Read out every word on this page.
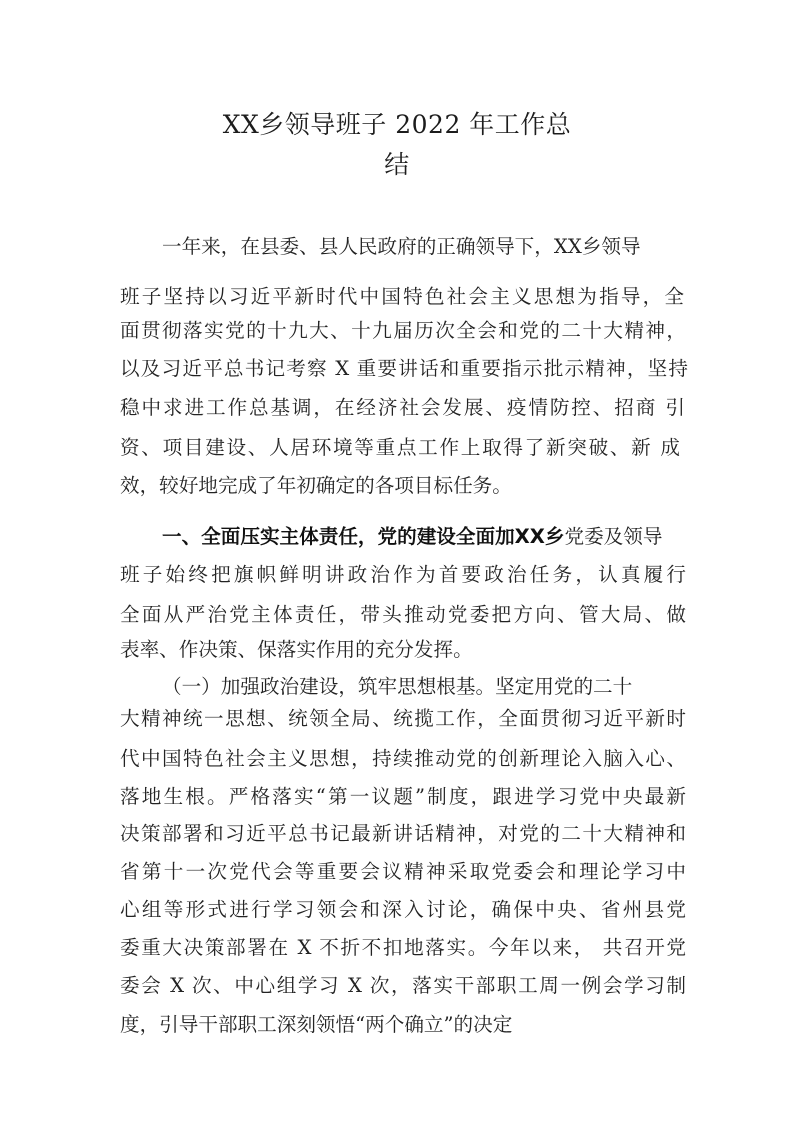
XX乡领导班子 2022 年工作总
结
一年来，在县委、县人民政府的正确领导下，XX乡领导
班子坚持以习近平新时代中国特色社会主义思想为指导，全
面贯彻落实党的十九大、十九届历次全会和党的二十大精神，
以及习近平总书记考察 X 重要讲话和重要指示批示精神，坚持
稳中求进工作总基调，在经济社会发展、疫情防控、招商 引
资、项目建设、人居环境等重点工作上取得了新突破、新 成
效，较好地完成了年初确定的各项目标任务。
一、全面压实主体责任，党的建设全面加XX乡党委及领导
班子始终把旗帜鲜明讲政治作为首要政治任务，认真履行
全面从严治党主体责任，带头推动党委把方向、管大局、做
表率、作决策、保落实作用的充分发挥。
（一）加强政治建设，筑牢思想根基。坚定用党的二十
大精神统一思想、统领全局、统揽工作，全面贯彻习近平新时
代中国特色社会主义思想，持续推动党的创新理论入脑入心、
落地生根。严格落实“第一议题”制度，跟进学习党中央最新
决策部署和习近平总书记最新讲话精神，对党的二十大精神和
省第十一次党代会等重要会议精神采取党委会和理论学习中
心组等形式进行学习领会和深入讨论，确保中央、省州县党
委重大决策部署在 X 不折不扣地落实。今年以来， 共召开党
委会 X 次、中心组学习 X 次，落实干部职工周一例会学习制
度，引导干部职工深刻领悟“两个确立”的决定
